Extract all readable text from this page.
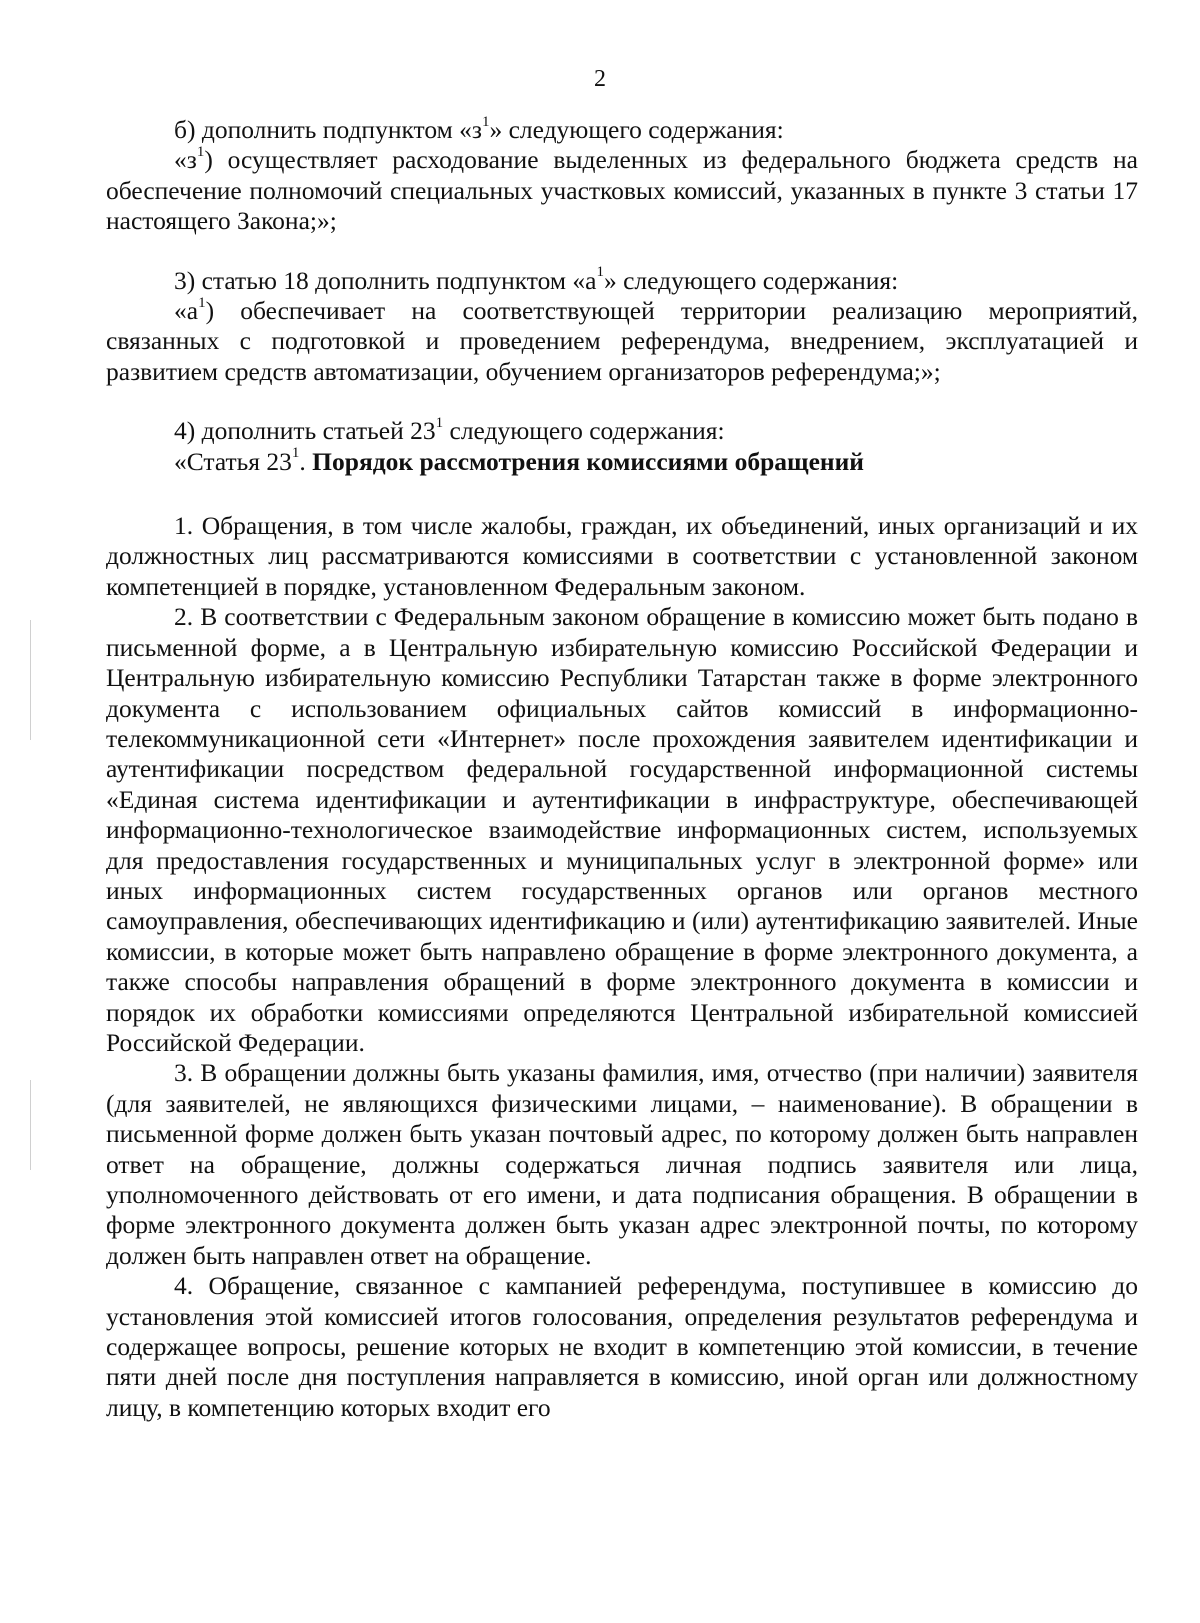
2

б) дополнить подпунктом «$з^1$» следующего содержания:

«$з^1$) осуществляет расходование выделенных из федерального бюджета средств на обеспечение полномочий специальных участковых комиссий, указанных в пункте 3 статьи 17 настоящего Закона;»;

3) статью 18 дополнить подпунктом «$а^1$» следующего содержания:

«$а^1$) обеспечивает на соответствующей территории реализацию мероприятий, связанных с подготовкой и проведением референдума, внедрением, эксплуатацией и развитием средств автоматизации, обучением организаторов референдума;»;

4) дополнить статьей $23^1$ следующего содержания:

«Статья $23^1$. Порядок рассмотрения комиссиями обращений

1. Обращения, в том числе жалобы, граждан, их объединений, иных организаций и их должностных лиц рассматриваются комиссиями в соответствии с установленной законом компетенцией в порядке, установленном Федеральным законом.

2. В соответствии с Федеральным законом обращение в комиссию может быть подано в письменной форме, а в Центральную избирательную комиссию Российской Федерации и Центральную избирательную комиссию Республики Татарстан также в форме электронного документа с использованием официальных сайтов комиссий в информационно-телекоммуникационной сети «Интернет» после прохождения заявителем идентификации и аутентификации посредством федеральной государственной информационной системы «Единая система идентификации и аутентификации в инфраструктуре, обеспечивающей информационно-технологическое взаимодействие информационных систем, используемых для предоставления государственных и муниципальных услуг в электронной форме» или иных информационных систем государственных органов или органов местного самоуправления, обеспечивающих идентификацию и (или) аутентификацию заявителей. Иные комиссии, в которые может быть направлено обращение в форме электронного документа, а также способы направления обращений в форме электронного документа в комиссии и порядок их обработки комиссиями определяются Центральной избирательной комиссией Российской Федерации.

3. В обращении должны быть указаны фамилия, имя, отчество (при наличии) заявителя (для заявителей, не являющихся физическими лицами, – наименование). В обращении в письменной форме должен быть указан почтовый адрес, по которому должен быть направлен ответ на обращение, должны содержаться личная подпись заявителя или лица, уполномоченного действовать от его имени, и дата подписания обращения. В обращении в форме электронного документа должен быть указан адрес электронной почты, по которому должен быть направлен ответ на обращение.

4. Обращение, связанное с кампанией референдума, поступившее в комиссию до установления этой комиссией итогов голосования, определения результатов референдума и содержащее вопросы, решение которых не входит в компетенцию этой комиссии, в течение пяти дней после дня поступления направляется в комиссию, иной орган или должностному лицу, в компетенцию которых входит его
